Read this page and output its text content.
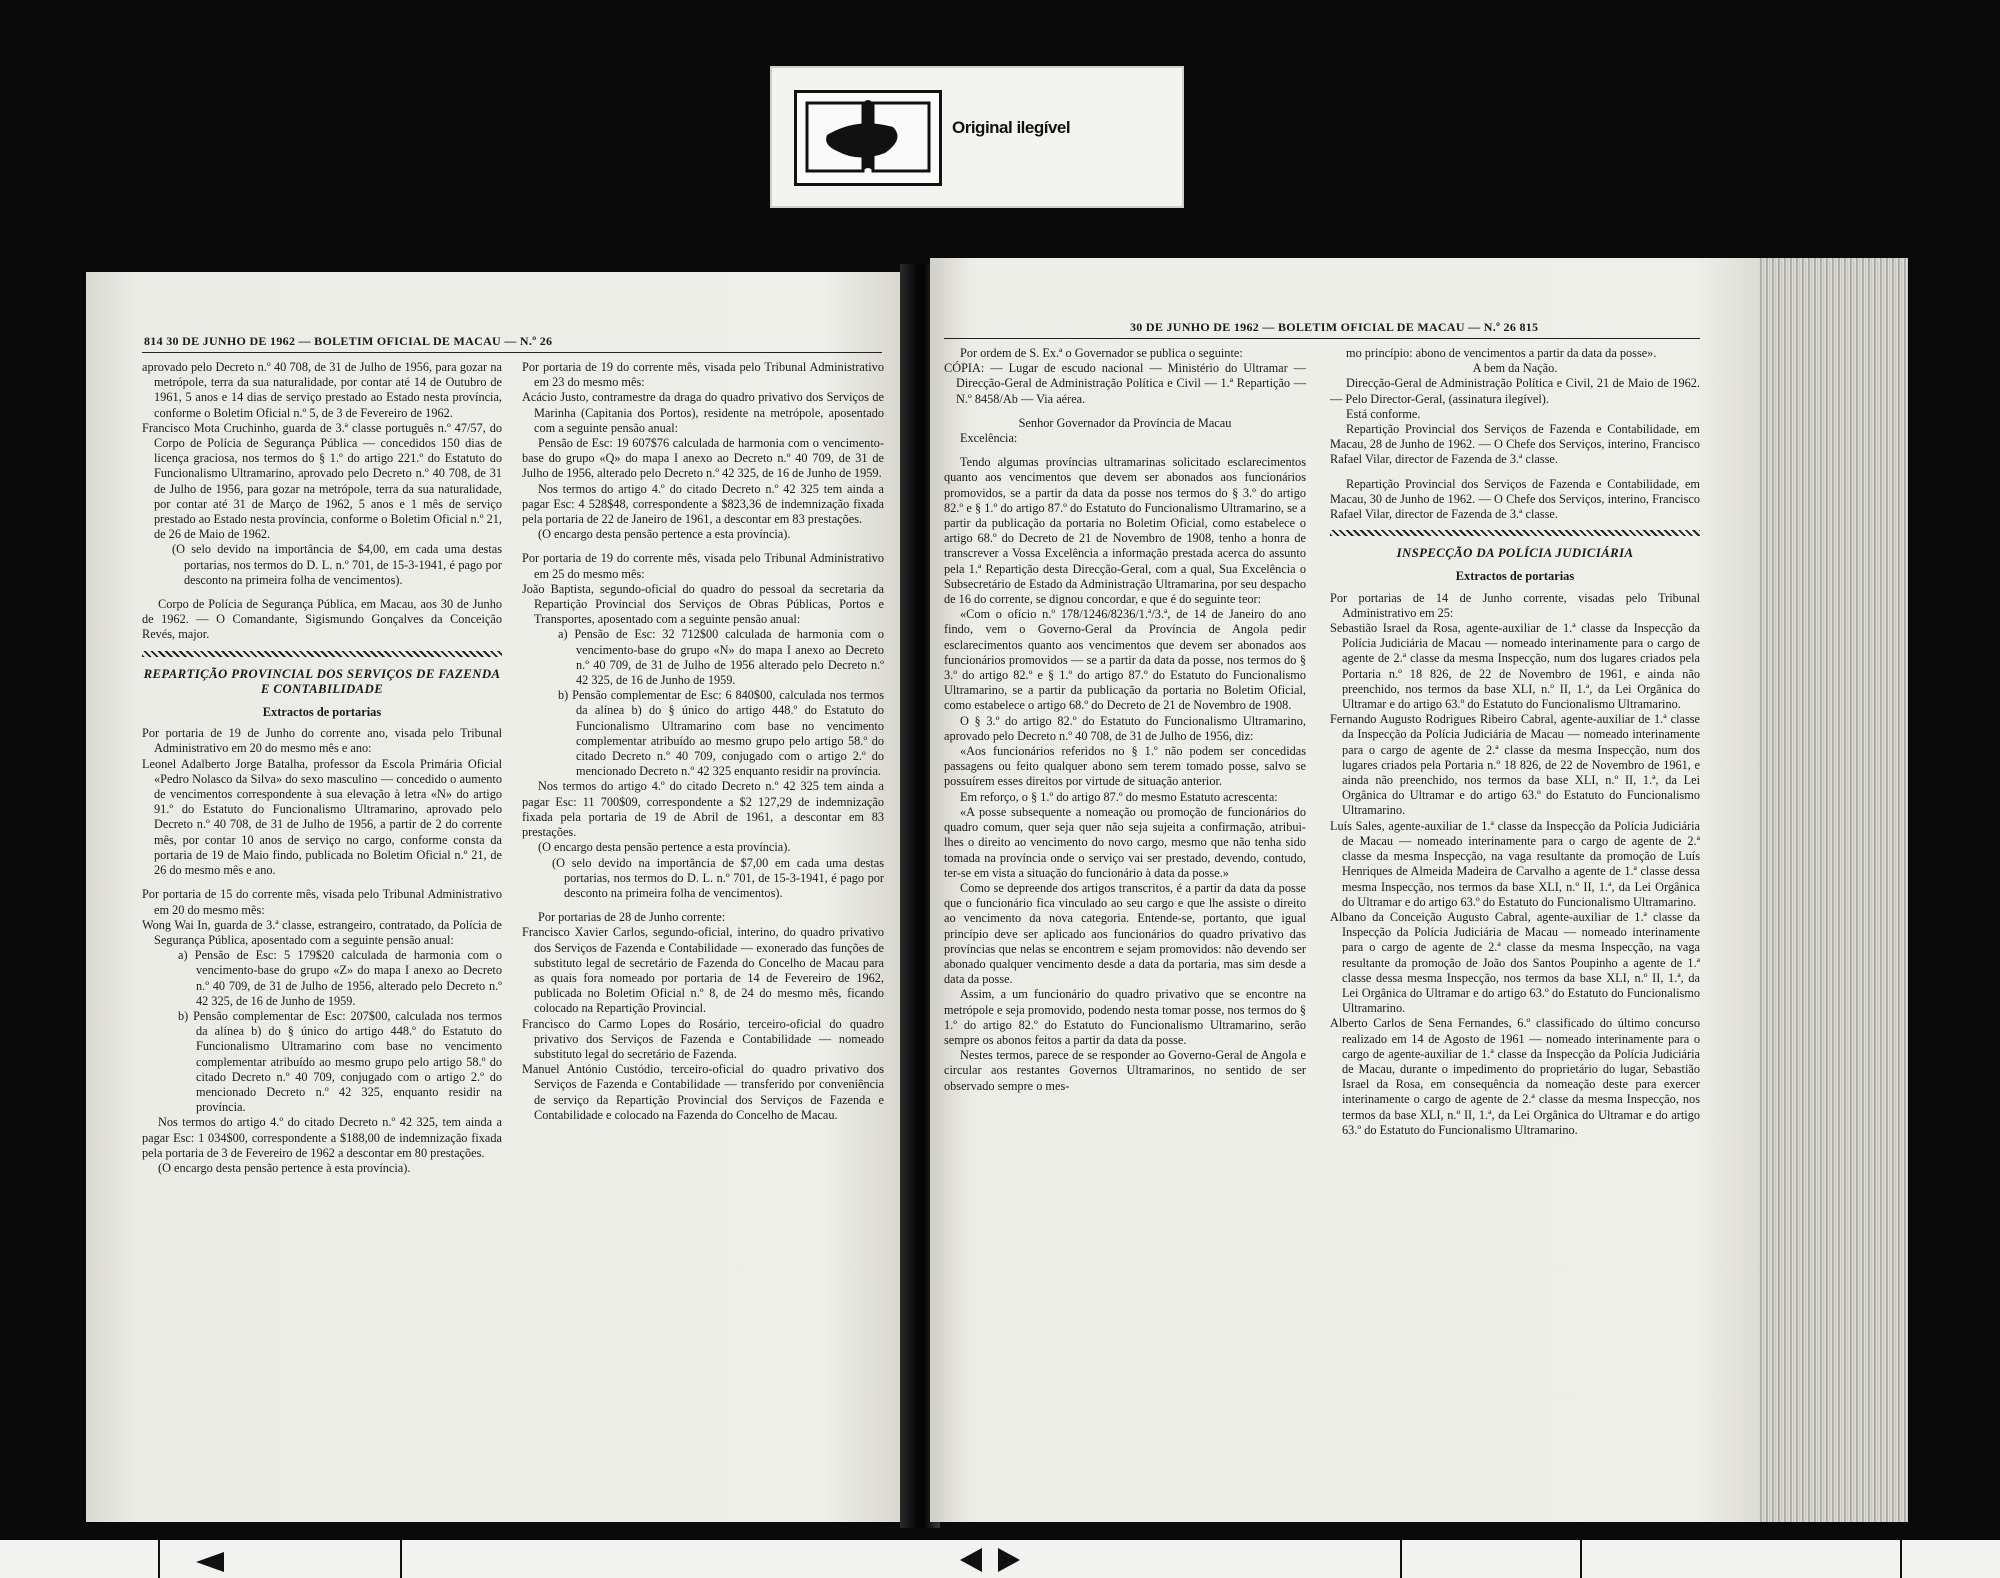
Original ilegível
814 30 DE JUNHO DE 1962 — BOLETIM OFICIAL DE MACAU — N.º 26

aprovado pelo Decreto n.º 40 708, de 31 de Julho de 1956, para gozar na metrópole, terra da sua naturalidade, por contar até 14 de Outubro de 1961, 5 anos e 14 dias de serviço prestado ao Estado nesta província, conforme o Boletim Oficial n.º 5, de 3 de Fevereiro de 1962.

Francisco Mota Cruchinho, guarda de 3.ª classe português n.º 47/57, do Corpo de Polícia de Segurança Pública — concedidos 150 dias de licença graciosa, nos termos do § 1.º do artigo 221.º do Estatuto do Funcionalismo Ultramarino, aprovado pelo Decreto n.º 40 708, de 31 de Julho de 1956, para gozar na metrópole, terra da sua naturalidade, por contar até 31 de Março de 1962, 5 anos e 1 mês de serviço prestado ao Estado nesta província, conforme o Boletim Oficial n.º 21, de 26 de Maio de 1962.

(O selo devido na importância de $4,00, em cada uma destas portarias, nos termos do D. L. n.º 701, de 15-3-1941, é pago por desconto na primeira folha de vencimentos).

Corpo de Polícia de Segurança Pública, em Macau, aos 30 de Junho de 1962. — O Comandante, Sigismundo Gonçalves da Conceição Revés, major.

REPARTIÇÃO PROVINCIAL DOS SERVIÇOS DE FAZENDA E CONTABILIDADE

Extractos de portarias

Por portaria de 19 de Junho do corrente ano, visada pelo Tribunal Administrativo em 20 do mesmo mês e ano:

Leonel Adalberto Jorge Batalha, professor da Escola Primária Oficial «Pedro Nolasco da Silva» do sexo masculino — concedido o aumento de vencimentos correspondente à sua elevação à letra «N» do artigo 91.º do Estatuto do Funcionalismo Ultramarino, aprovado pelo Decreto n.º 40 708, de 31 de Julho de 1956, a partir de 2 do corrente mês, por contar 10 anos de serviço no cargo, conforme consta da portaria de 19 de Maio findo, publicada no Boletim Oficial n.º 21, de 26 do mesmo mês e ano.

Por portaria de 15 do corrente mês, visada pelo Tribunal Administrativo em 20 do mesmo mês:

Wong Wai In, guarda de 3.ª classe, estrangeiro, contratado, da Polícia de Segurança Pública, aposentado com a seguinte pensão anual:

a) Pensão de Esc: 5 179$20 calculada de harmonia com o vencimento-base do grupo «Z» do mapa I anexo ao Decreto n.º 40 709, de 31 de Julho de 1956, alterado pelo Decreto n.º 42 325, de 16 de Junho de 1959.

b) Pensão complementar de Esc: 207$00, calculada nos termos da alínea b) do § único do artigo 448.º do Estatuto do Funcionalismo Ultramarino com base no vencimento complementar atribuído ao mesmo grupo pelo artigo 58.º do citado Decreto n.º 40 709, conjugado com o artigo 2.º do mencionado Decreto n.º 42 325, enquanto residir na província.

Nos termos do artigo 4.º do citado Decreto n.º 42 325, tem ainda a pagar Esc: 1 034$00, correspondente a $188,00 de indemnização fixada pela portaria de 3 de Fevereiro de 1962 a descontar em 80 prestações.

(O encargo desta pensão pertence à esta província).

Por portaria de 19 do corrente mês, visada pelo Tribunal Administrativo em 23 do mesmo mês:

Acácio Justo, contramestre da draga do quadro privativo dos Serviços de Marinha (Capitania dos Portos), residente na metrópole, aposentado com a seguinte pensão anual:

Pensão de Esc: 19 607$76 calculada de harmonia com o vencimento-base do grupo «Q» do mapa I anexo ao Decreto n.º 40 709, de 31 de Julho de 1956, alterado pelo Decreto n.º 42 325, de 16 de Junho de 1959.

Nos termos do artigo 4.º do citado Decreto n.º 42 325 tem ainda a pagar Esc: 4 528$48, correspondente a $823,36 de indemnização fixada pela portaria de 22 de Janeiro de 1961, a descontar em 83 prestações.

(O encargo desta pensão pertence a esta província).

Por portaria de 19 do corrente mês, visada pelo Tribunal Administrativo em 25 do mesmo mês:

João Baptista, segundo-oficial do quadro do pessoal da secretaria da Repartição Provincial dos Serviços de Obras Públicas, Portos e Transportes, aposentado com a seguinte pensão anual:

a) Pensão de Esc: 32 712$00 calculada de harmonia com o vencimento-base do grupo «N» do mapa I anexo ao Decreto n.º 40 709, de 31 de Julho de 1956 alterado pelo Decreto n.º 42 325, de 16 de Junho de 1959.

b) Pensão complementar de Esc: 6 840$00, calculada nos termos da alínea b) do § único do artigo 448.º do Estatuto do Funcionalismo Ultramarino com base no vencimento complementar atribuído ao mesmo grupo pelo artigo 58.º do citado Decreto n.º 40 709, conjugado com o artigo 2.º do mencionado Decreto n.º 42 325 enquanto residir na província.

Nos termos do artigo 4.º do citado Decreto n.º 42 325 tem ainda a pagar Esc: 11 700$09, correspondente a $2 127,29 de indemnização fixada pela portaria de 19 de Abril de 1961, a descontar em 83 prestações.

(O encargo desta pensão pertence a esta província).

(O selo devido na importância de $7,00 em cada uma destas portarias, nos termos do D. L. n.º 701, de 15-3-1941, é pago por desconto na primeira folha de vencimentos).

Por portarias de 28 de Junho corrente:

Francisco Xavier Carlos, segundo-oficial, interino, do quadro privativo dos Serviços de Fazenda e Contabilidade — exonerado das funções de substituto legal de secretário de Fazenda do Concelho de Macau para as quais fora nomeado por portaria de 14 de Fevereiro de 1962, publicada no Boletim Oficial n.º 8, de 24 do mesmo mês, ficando colocado na Repartição Provincial.

Francisco do Carmo Lopes do Rosário, terceiro-oficial do quadro privativo dos Serviços de Fazenda e Contabilidade — nomeado substituto legal do secretário de Fazenda.

Manuel António Custódio, terceiro-oficial do quadro privativo dos Serviços de Fazenda e Contabilidade — transferido por conveniência de serviço da Repartição Provincial dos Serviços de Fazenda e Contabilidade e colocado na Fazenda do Concelho de Macau.

30 DE JUNHO DE 1962 — BOLETIM OFICIAL DE MACAU — N.º 26 815

Por ordem de S. Ex.ª o Governador se publica o seguinte:

CÓPIA: — Lugar de escudo nacional — Ministério do Ultramar — Direcção-Geral de Administração Política e Civil — 1.ª Repartição — N.º 8458/Ab — Via aérea.

Senhor Governador da Província de Macau

Excelência:

Tendo algumas províncias ultramarinas solicitado esclarecimentos quanto aos vencimentos que devem ser abonados aos funcionários promovidos, se a partir da data da posse nos termos do § 3.º do artigo 82.º e § 1.º do artigo 87.º do Estatuto do Funcionalismo Ultramarino, se a partir da publicação da portaria no Boletim Oficial, como estabelece o artigo 68.º do Decreto de 21 de Novembro de 1908, tenho a honra de transcrever a Vossa Excelência a informação prestada acerca do assunto pela 1.ª Repartição desta Direcção-Geral, com a qual, Sua Excelência o Subsecretário de Estado da Administração Ultramarina, por seu despacho de 16 do corrente, se dignou concordar, e que é do seguinte teor:

«Com o ofício n.º 178/1246/8236/1.ª/3.ª, de 14 de Janeiro do ano findo, vem o Governo-Geral da Província de Angola pedir esclarecimentos quanto aos vencimentos que devem ser abonados aos funcionários promovidos — se a partir da data da posse, nos termos do § 3.º do artigo 82.º e § 1.º do artigo 87.º do Estatuto do Funcionalismo Ultramarino, se a partir da publicação da portaria no Boletim Oficial, como estabelece o artigo 68.º do Decreto de 21 de Novembro de 1908.

O § 3.º do artigo 82.º do Estatuto do Funcionalismo Ultramarino, aprovado pelo Decreto n.º 40 708, de 31 de Julho de 1956, diz:

«Aos funcionários referidos no § 1.º não podem ser concedidas passagens ou feito qualquer abono sem terem tomado posse, salvo se possuírem esses direitos por virtude de situação anterior.

Em reforço, o § 1.º do artigo 87.º do mesmo Estatuto acrescenta:

«A posse subsequente a nomeação ou promoção de funcionários do quadro comum, quer seja quer não seja sujeita a confirmação, atribui-lhes o direito ao vencimento do novo cargo, mesmo que não tenha sido tomada na província onde o serviço vai ser prestado, devendo, contudo, ter-se em vista a situação do funcionário à data da posse.»

Como se depreende dos artigos transcritos, é a partir da data da posse que o funcionário fica vinculado ao seu cargo e que lhe assiste o direito ao vencimento da nova categoria. Entende-se, portanto, que igual princípio deve ser aplicado aos funcionários do quadro privativo das províncias que nelas se encontrem e sejam promovidos: não devendo ser abonado qualquer vencimento desde a data da portaria, mas sim desde a data da posse.

Assim, a um funcionário do quadro privativo que se encontre na metrópole e seja promovido, podendo nesta tomar posse, nos termos do § 1.º do artigo 82.º do Estatuto do Funcionalismo Ultramarino, serão sempre os abonos feitos a partir da data da posse.

Nestes termos, parece de se responder ao Governo-Geral de Angola e circular aos restantes Governos Ultramarinos, no sentido de ser observado sempre o mes-

mo princípio: abono de vencimentos a partir da data da posse».

A bem da Nação.

Direcção-Geral de Administração Política e Civil, 21 de Maio de 1962. — Pelo Director-Geral, (assinatura ilegível).

Está conforme.

Repartição Provincial dos Serviços de Fazenda e Contabilidade, em Macau, 28 de Junho de 1962. — O Chefe dos Serviços, interino, Francisco Rafael Vilar, director de Fazenda de 3.ª classe.

Repartição Provincial dos Serviços de Fazenda e Contabilidade, em Macau, 30 de Junho de 1962. — O Chefe dos Serviços, interino, Francisco Rafael Vilar, director de Fazenda de 3.ª classe.

INSPECÇÃO DA POLÍCIA JUDICIÁRIA

Extractos de portarias

Por portarias de 14 de Junho corrente, visadas pelo Tribunal Administrativo em 25:

Sebastião Israel da Rosa, agente-auxiliar de 1.ª classe da Inspecção da Polícia Judiciária de Macau — nomeado interinamente para o cargo de agente de 2.ª classe da mesma Inspecção, num dos lugares criados pela Portaria n.º 18 826, de 22 de Novembro de 1961, e ainda não preenchido, nos termos da base XLI, n.º II, 1.ª, da Lei Orgânica do Ultramar e do artigo 63.º do Estatuto do Funcionalismo Ultramarino.

Fernando Augusto Rodrigues Ribeiro Cabral, agente-auxiliar de 1.ª classe da Inspecção da Polícia Judiciária de Macau — nomeado interinamente para o cargo de agente de 2.ª classe da mesma Inspecção, num dos lugares criados pela Portaria n.º 18 826, de 22 de Novembro de 1961, e ainda não preenchido, nos termos da base XLI, n.º II, 1.ª, da Lei Orgânica do Ultramar e do artigo 63.º do Estatuto do Funcionalismo Ultramarino.

Luís Sales, agente-auxiliar de 1.ª classe da Inspecção da Polícia Judiciária de Macau — nomeado interinamente para o cargo de agente de 2.ª classe da mesma Inspecção, na vaga resultante da promoção de Luís Henriques de Almeida Madeira de Carvalho a agente de 1.ª classe dessa mesma Inspecção, nos termos da base XLI, n.º II, 1.ª, da Lei Orgânica do Ultramar e do artigo 63.º do Estatuto do Funcionalismo Ultramarino.

Albano da Conceição Augusto Cabral, agente-auxiliar de 1.ª classe da Inspecção da Polícia Judiciária de Macau — nomeado interinamente para o cargo de agente de 2.ª classe da mesma Inspecção, na vaga resultante da promoção de João dos Santos Poupinho a agente de 1.ª classe dessa mesma Inspecção, nos termos da base XLI, n.º II, 1.ª, da Lei Orgânica do Ultramar e do artigo 63.º do Estatuto do Funcionalismo Ultramarino.

Alberto Carlos de Sena Fernandes, 6.º classificado do último concurso realizado em 14 de Agosto de 1961 — nomeado interinamente para o cargo de agente-auxiliar de 1.ª classe da Inspecção da Polícia Judiciária de Macau, durante o impedimento do proprietário do lugar, Sebastião Israel da Rosa, em consequência da nomeação deste para exercer interinamente o cargo de agente de 2.ª classe da mesma Inspecção, nos termos da base XLI, n.º II, 1.ª, da Lei Orgânica do Ultramar e do artigo 63.º do Estatuto do Funcionalismo Ultramarino.
